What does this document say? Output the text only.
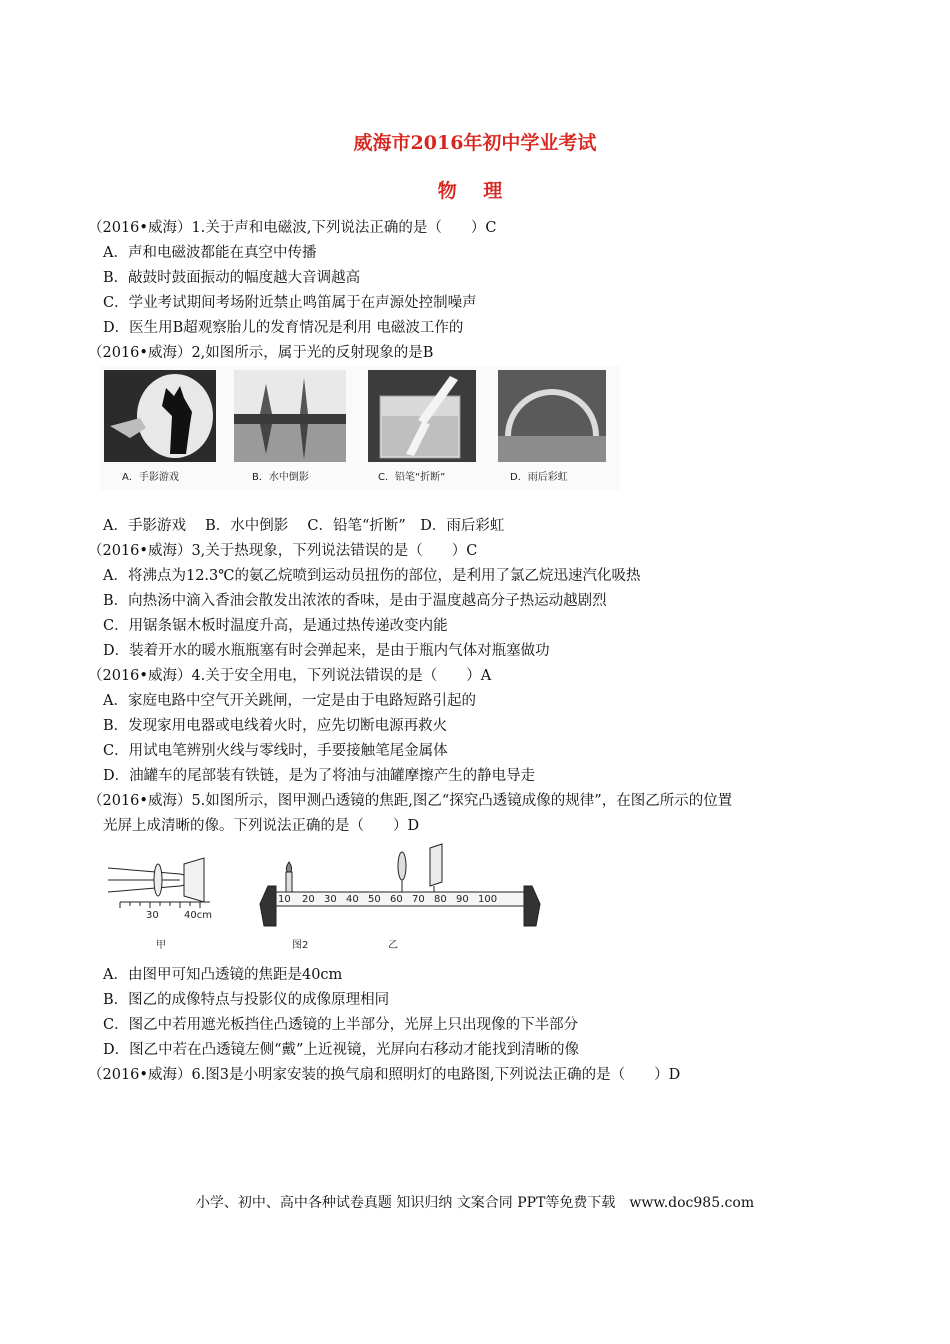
威海市2016年初中学业考试
物 理
（2016•威海）1.关于声和电磁波,下列说法正确的是（　　）C
A．声和电磁波都能在真空中传播
B．敲鼓时鼓面振动的幅度越大音调越高
C．学业考试期间考场附近禁止鸣笛属于在声源处控制噪声
D．医生用B超观察胎儿的发育情况是利用 电磁波工作的
（2016•威海）2,如图所示，属于光的反射现象的是B
A．手影游戏	B．水中倒影	C．铅笔“折断”	D．雨后彩虹
A．手影游戏　 B．水中倒影　 C．铅笔“折断”　D．雨后彩虹
（2016•威海）3,关于热现象，下列说法错误的是（　　）C
A．将沸点为12.3℃的氨乙烷喷到运动员扭伤的部位，是利用了氯乙烷迅速汽化吸热
B．向热汤中滴入香油会散发出浓浓的香味，是由于温度越高分子热运动越剧烈
C．用锯条锯木板时温度升高，是通过热传递改变内能
D．装着开水的暖水瓶瓶塞有时会弹起来，是由于瓶内气体对瓶塞做功
（2016•威海）4.关于安全用电，下列说法错误的是（　　）A
A．家庭电路中空气开关跳闸，一定是由于电路短路引起的
B．发现家用电器或电线着火时，应先切断电源再救火
C．用试电笔辨别火线与零线时，手要接触笔尾金属体
D．油罐车的尾部装有铁链，是为了将油与油罐摩擦产生的静电导走
（2016•威海）5.如图所示，图甲测凸透镜的焦距,图乙“探究凸透镜成像的规律”，在图乙所示的位置
光屏上成清晰的像。下列说法正确的是（　　）D
30	40cm
甲
10 20 30 40 50 60 70 80 90 100
图2	乙
A．由图甲可知凸透镜的焦距是40cm
B．图乙的成像特点与投影仪的成像原理相同
C．图乙中若用遮光板挡住凸透镜的上半部分，光屏上只出现像的下半部分
D．图乙中若在凸透镜左侧“戴”上近视镜，光屏向右移动才能找到清晰的像
（2016•威海）6.图3是小明家安装的换气扇和照明灯的电路图,下列说法正确的是（　　）D
小学、初中、高中各种试卷真题 知识归纳 文案合同 PPT等免费下载　www.doc985.com
